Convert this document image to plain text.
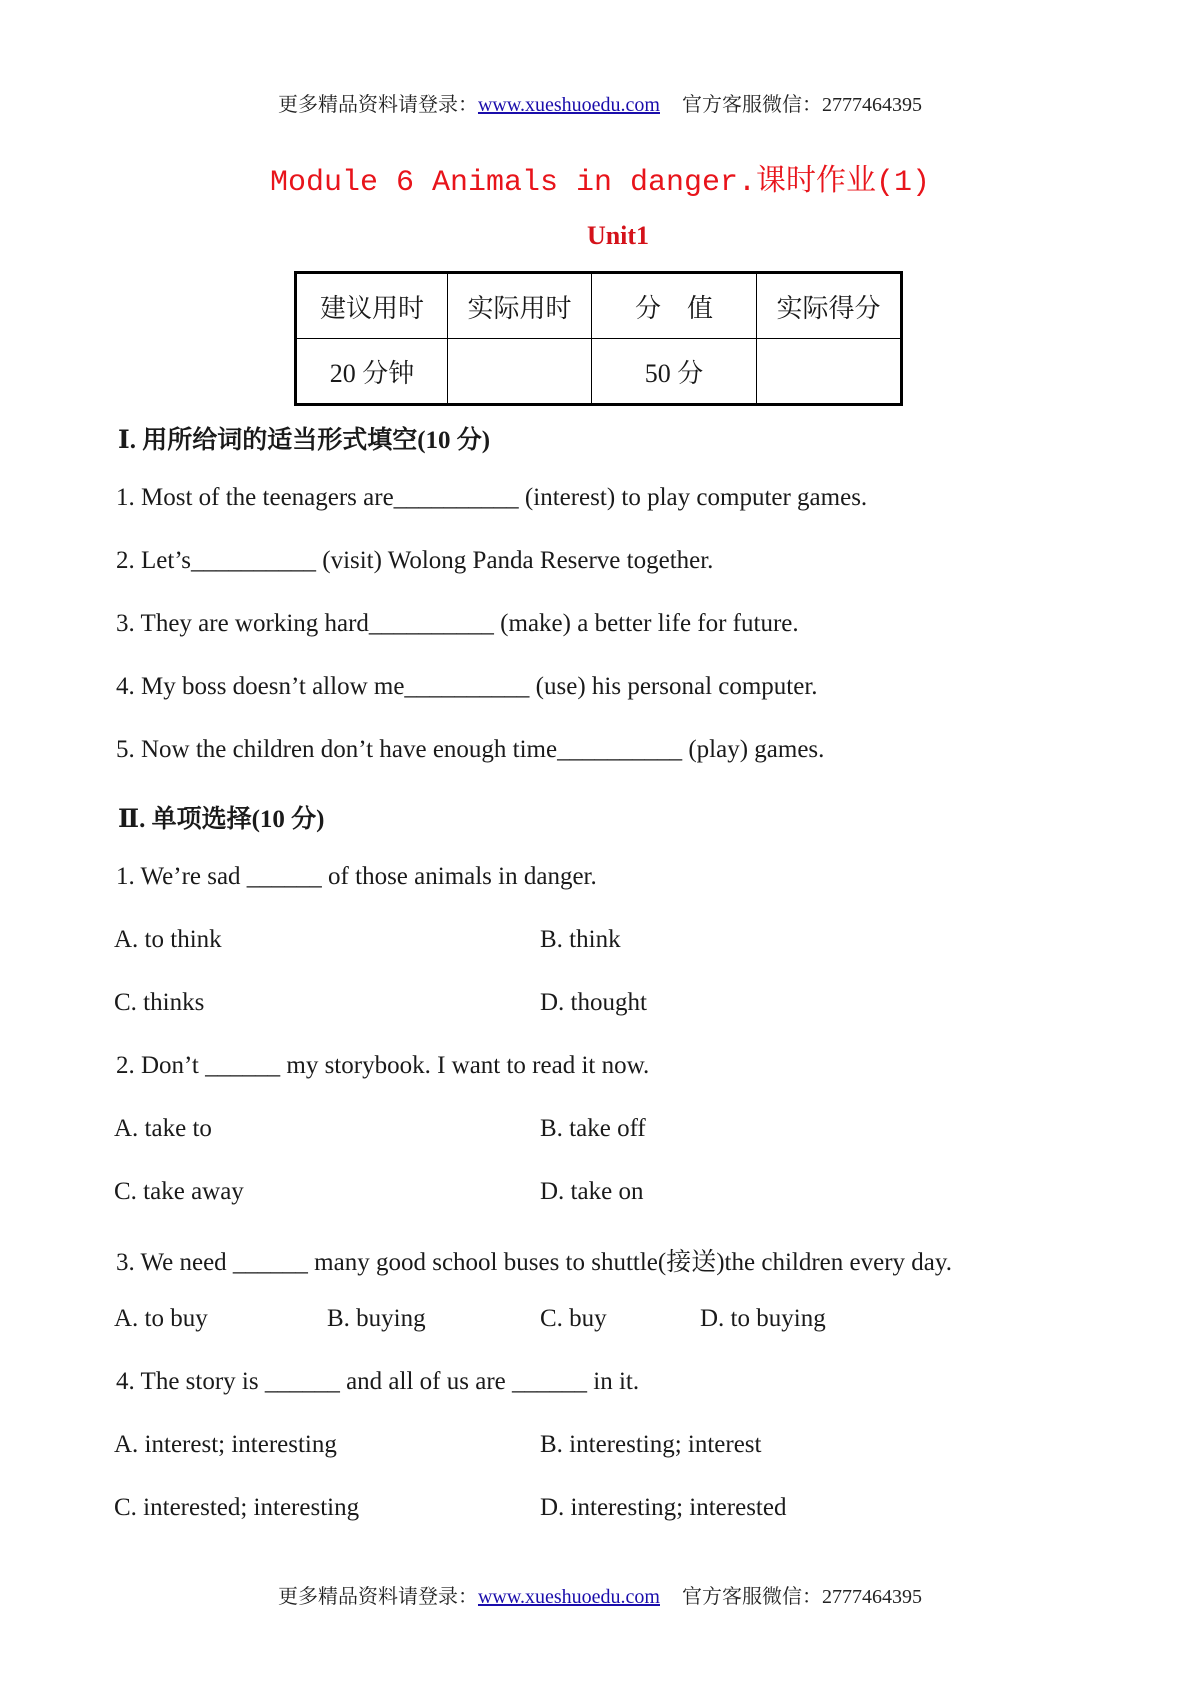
更多精品资料请登录：www.xueshuoedu.com 官方客服微信：2777464395
Module 6 Animals in danger.课时作业(1)
Unit1
建议用时	实际用时	分　值	实际得分
20 分钟		50 分	
Ⅰ. 用所给词的适当形式填空(10 分)
1. Most of the teenagers are__________ (interest) to play computer games.
2. Let’s__________ (visit) Wolong Panda Reserve together.
3. They are working hard__________ (make) a better life for future.
4. My boss doesn’t allow me__________ (use) his personal computer.
5. Now the children don’t have enough time__________ (play) games.
Ⅱ. 单项选择(10 分)
1. We’re sad ______ of those animals in danger.
A. to think	B. think
C. thinks	D. thought
2. Don’t ______ my storybook. I want to read it now.
A. take to	B. take off
C. take away	D. take on
3. We need ______ many good school buses to shuttle(接送)the children every day.
A. to buy	B. buying	C. buy	D. to buying
4. The story is ______ and all of us are ______ in it.
A. interest; interesting	B. interesting; interest
C. interested; interesting	D. interesting; interested
更多精品资料请登录：www.xueshuoedu.com 官方客服微信：2777464395
